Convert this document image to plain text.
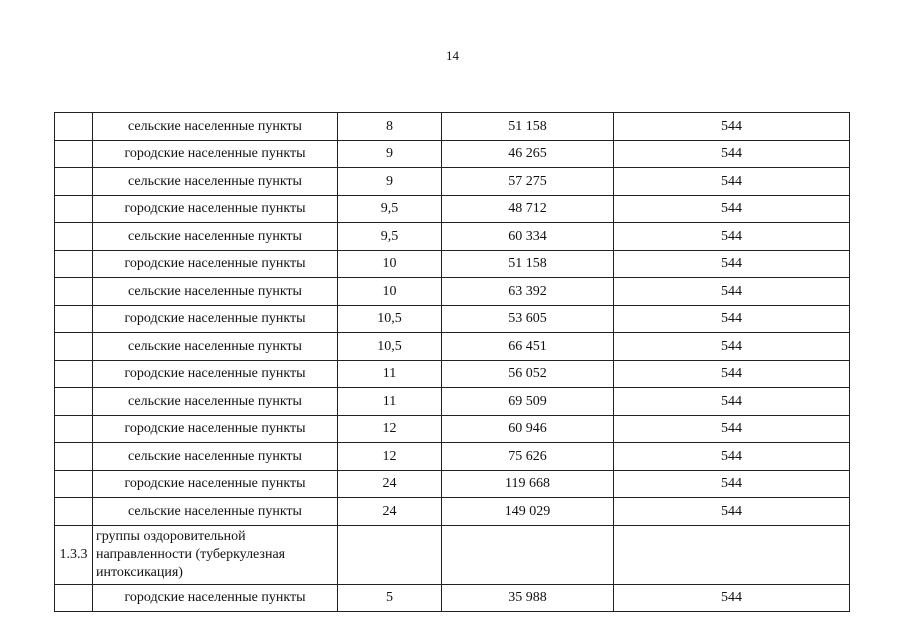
14
	сельские населенные пункты	8	51 158	544
	городские населенные пункты	9	46 265	544
	сельские населенные пункты	9	57 275	544
	городские населенные пункты	9,5	48 712	544
	сельские населенные пункты	9,5	60 334	544
	городские населенные пункты	10	51 158	544
	сельские населенные пункты	10	63 392	544
	городские населенные пункты	10,5	53 605	544
	сельские населенные пункты	10,5	66 451	544
	городские населенные пункты	11	56 052	544
	сельские населенные пункты	11	69 509	544
	городские населенные пункты	12	60 946	544
	сельские населенные пункты	12	75 626	544
	городские населенные пункты	24	119 668	544
	сельские населенные пункты	24	149 029	544
1.3.3	группы оздоровительной направленности (туберкулезная интоксикация)			
	городские населенные пункты	5	35 988	544
